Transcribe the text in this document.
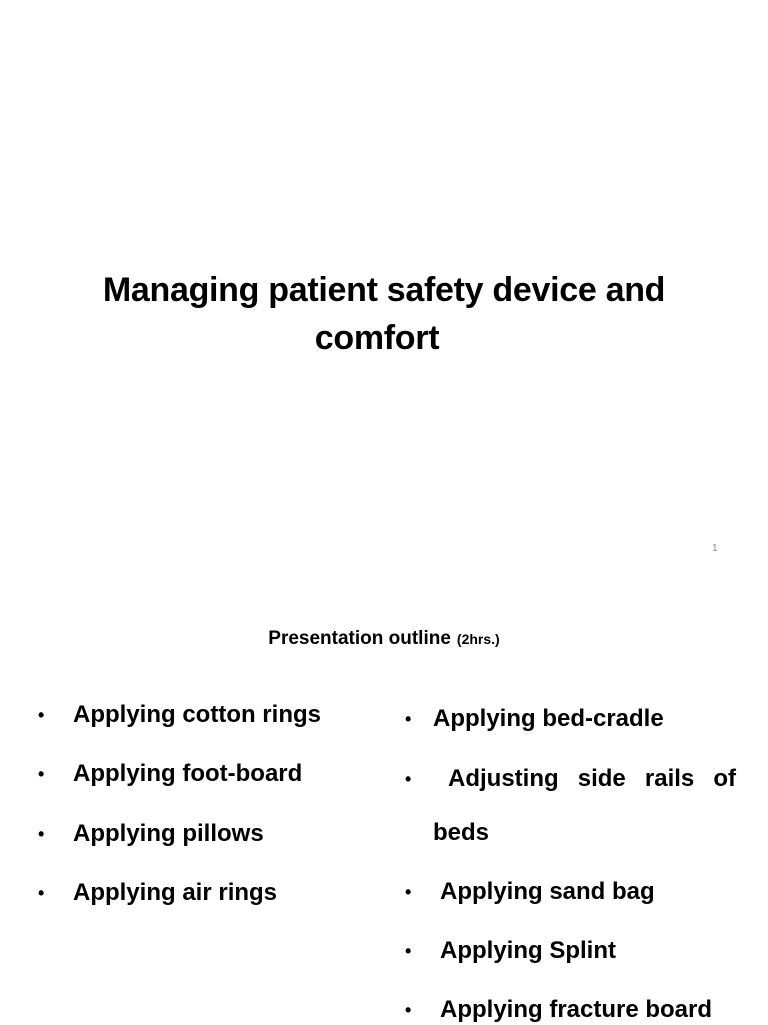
Managing patient safety device and
comfort
1
Presentation outline (2hrs.)
• Applying cotton rings
• Applying foot-board
• Applying pillows
• Applying air rings
• Applying bed-cradle
• Adjusting side rails of
beds
• Applying sand bag
• Applying Splint
• Applying fracture board
